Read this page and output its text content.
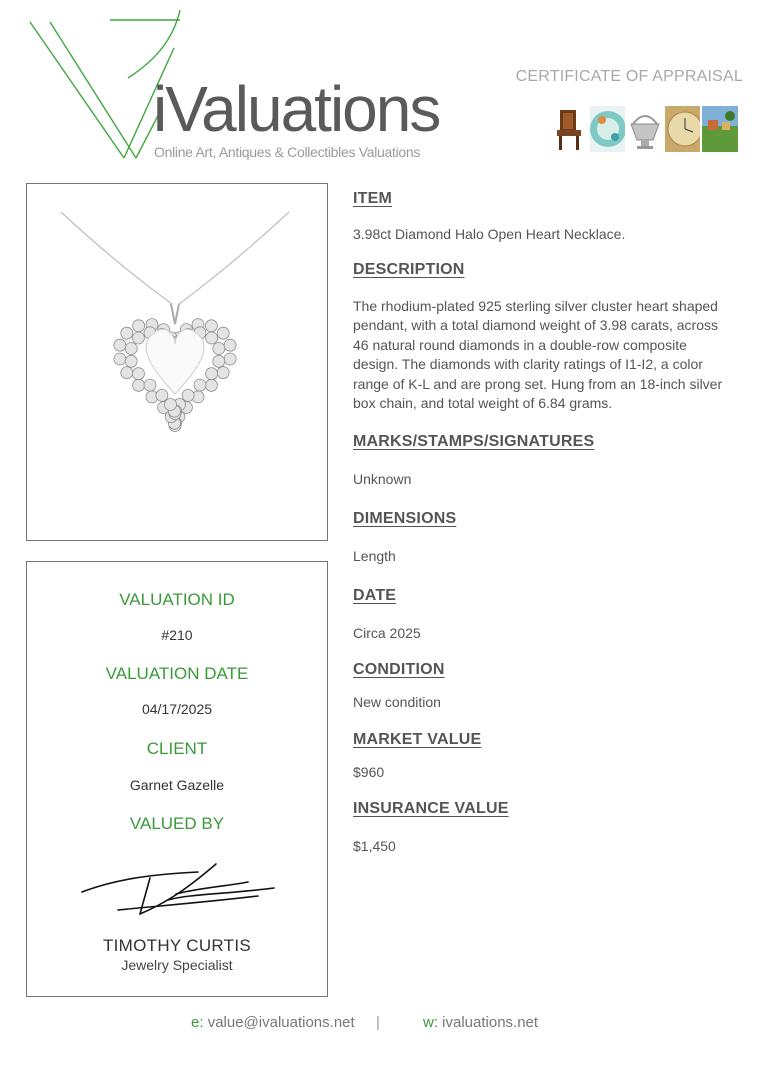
iValuations
Online Art, Antiques & Collectibles Valuations
CERTIFICATE OF APPRAISAL
VALUATION ID
#210
VALUATION DATE
04/17/2025
CLIENT
Garnet Gazelle
VALUED BY
TIMOTHY CURTIS
Jewelry Specialist
ITEM
3.98ct Diamond Halo Open Heart Necklace.
DESCRIPTION
The rhodium-plated 925 sterling silver cluster heart shaped pendant, with a total diamond weight of 3.98 carats, across 46 natural round diamonds in a double-row composite design. The diamonds with clarity ratings of I1-I2, a color range of K-L and are prong set. Hung from an 18-inch silver box chain, and total weight of 6.84 grams.
MARKS/STAMPS/SIGNATURES
Unknown
DIMENSIONS
Length
DATE
Circa 2025
CONDITION
New condition
MARKET VALUE
$960
INSURANCE VALUE
$1,450
e: value@ivaluations.net |	w: ivaluations.net
